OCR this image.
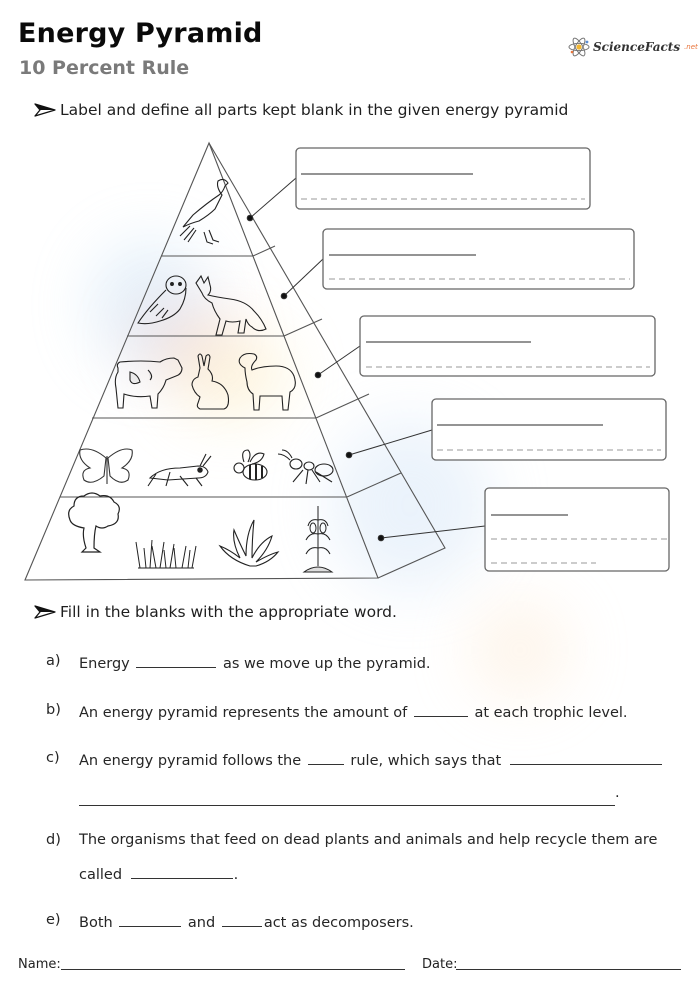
Energy Pyramid
10 Percent Rule
ScienceFacts .net
Label and define all parts kept blank in the given energy pyramid
Fill in the blanks with the appropriate word.
a) Energy	as we move up the pyramid.
b) An energy pyramid represents the amount of	at each trophic level.
c) An energy pyramid follows the	rule, which says that
.
d) The organisms that feed on dead plants and animals and help recycle them are
called	.
e) Both	and	act as decomposers.
Name:	Date:
